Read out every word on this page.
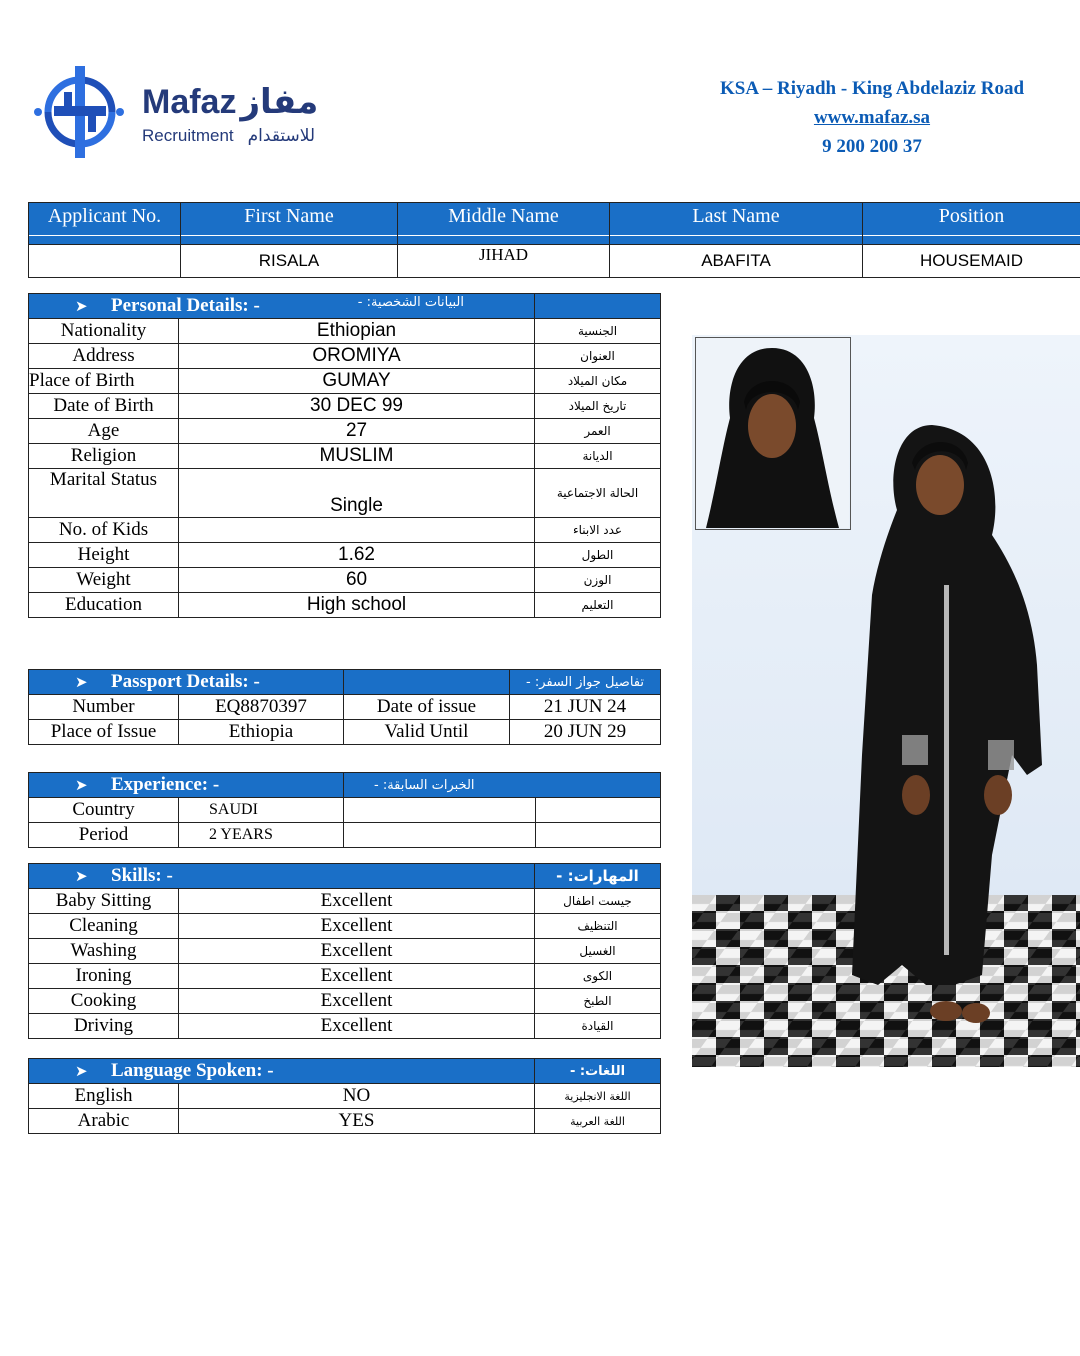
Mafaz مفاز
Recruitment للاستقدام
KSA – Riyadh - King Abdelaziz Road
www.mafaz.sa
9 200 200 37
Applicant No.	First Name	Middle Name	Last Name	Position

	RISALA	JIHAD	ABAFITA	HOUSEMAID
➤ Personal Details: - البيانات الشخصية: -		

Nationality	Ethiopian	الجنسية
Address	OROMIYA	العنوان
Place of Birth	GUMAY	مكان الميلاد
Date of Birth	30 DEC 99	تاريخ الميلاد
Age	27	العمر
Religion	MUSLIM	الديانة
Marital Status	Single	الحالة الاجتماعية
No. of Kids		عدد الابناء
Height	1.62	الطول
Weight	60	الوزن
Education	High school	التعليم
➤ Passport Details: -			تفاصيل جواز السفر: -
Number	EQ8870397	Date of issue	21 JUN 24
Place of Issue	Ethiopia	Valid Until	20 JUN 29
➤ Experience: -		الخبرات السابقة: -	
Country	SAUDI		
Period	2 YEARS		
➤ Skills: -		المهارات: -
Baby Sitting	Excellent	جيست اطفال
Cleaning	Excellent	التنظيف
Washing	Excellent	الغسيل
Ironing	Excellent	الكوى
Cooking	Excellent	الطبخ
Driving	Excellent	القيادة
➤ Language Spoken: -		اللغات: -
English	NO	اللغة الانجليزية
Arabic	YES	اللغة العربية
